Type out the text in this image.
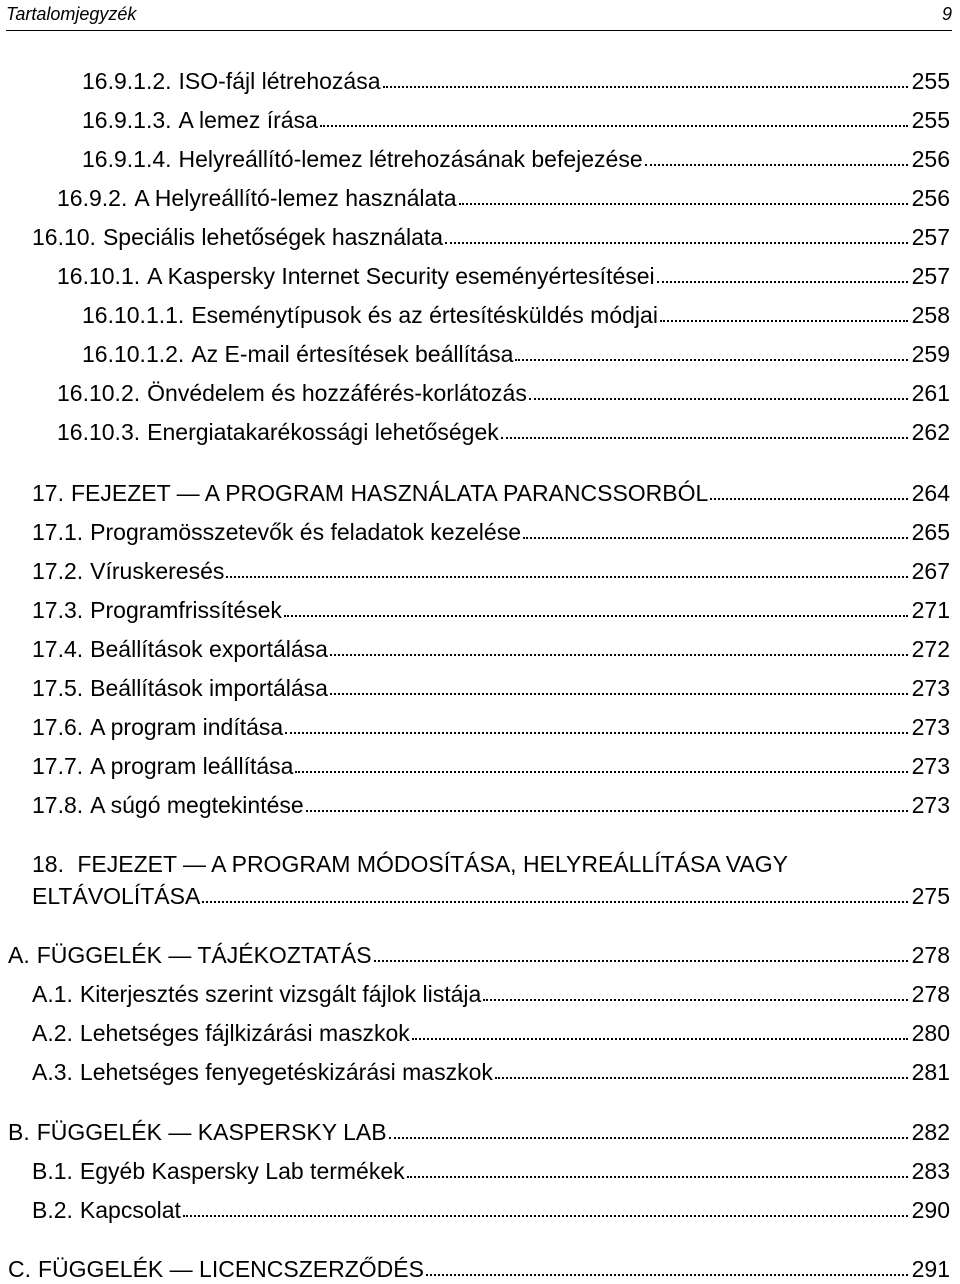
Tartalomjegyzék	9
16.9.1.2. ISO-fájl létrehozása	255
16.9.1.3. A lemez írása	255
16.9.1.4. Helyreállító-lemez létrehozásának befejezése	256
16.9.2. A Helyreállító-lemez használata	256
16.10. Speciális lehetőségek használata	257
16.10.1. A Kaspersky Internet Security eseményértesítései	257
16.10.1.1. Eseménytípusok és az értesítésküldés módjai	258
16.10.1.2. Az E-mail értesítések beállítása	259
16.10.2. Önvédelem és hozzáférés-korlátozás	261
16.10.3. Energiatakarékossági lehetőségek	262
17. FEJEZET — A PROGRAM HASZNÁLATA PARANCSSORBÓL	264
17.1. Programösszetevők és feladatok kezelése	265
17.2. Víruskeresés	267
17.3. Programfrissítések	271
17.4. Beállítások exportálása	272
17.5. Beállítások importálása	273
17.6. A program indítása	273
17.7. A program leállítása	273
17.8. A súgó megtekintése	273
18. FEJEZET — A PROGRAM MÓDOSÍTÁSA, HELYREÁLLÍTÁSA VAGY
ELTÁVOLÍTÁSA	275
A. FÜGGELÉK — TÁJÉKOZTATÁS	278
A.1. Kiterjesztés szerint vizsgált fájlok listája	278
A.2. Lehetséges fájlkizárási maszkok	280
A.3. Lehetséges fenyegetéskizárási maszkok	281
B. FÜGGELÉK — KASPERSKY LAB	282
B.1. Egyéb Kaspersky Lab termékek	283
B.2. Kapcsolat	290
C. FÜGGELÉK — LICENCSZERZŐDÉS	291
